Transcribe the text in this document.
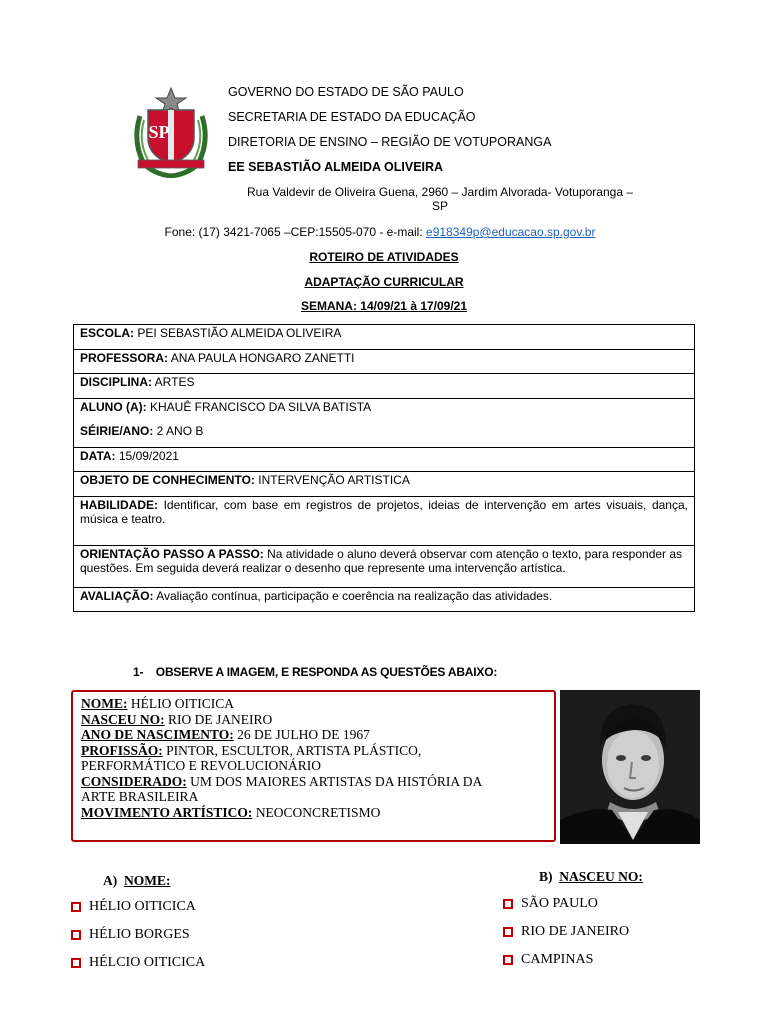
SP
GOVERNO DO ESTADO DE SÃO PAULO
SECRETARIA DE ESTADO DA EDUCAÇÃO
DIRETORIA DE ENSINO – REGIÃO DE VOTUPORANGA
EE SEBASTIÃO ALMEIDA OLIVEIRA
Rua Valdevir de Oliveira Guena, 2960 – Jardim Alvorada- Votuporanga –
SP
Fone: (17) 3421-7065 –CEP:15505-070 - e-mail: e918349p@educacao.sp.gov.br
ROTEIRO DE ATIVIDADES
ADAPTAÇÃO CURRICULAR
SEMANA: 14/09/21 à 17/09/21
ESCOLA: PEI SEBASTIÃO ALMEIDA OLIVEIRA
PROFESSORA: ANA PAULA HONGARO ZANETTI
DISCIPLINA: ARTES

ALUNO (A): KHAUÊ FRANCISCO DA SILVA BATISTA
SÉIRIE/ANO: 2 ANO B

DATA: 15/09/2021
OBJETO DE CONHECIMENTO: INTERVENÇÃO ARTISTICA
HABILIDADE: Identificar, com base em registros de projetos, ideias de intervenção em artes visuais, dança, música e teatro.
ORIENTAÇÃO PASSO A PASSO: Na atividade o aluno deverá observar com atenção o texto, para responder as questões. Em seguida deverá realizar o desenho que represente uma intervenção artística.
AVALIAÇÃO: Avaliação contínua, participação e coerência na realização das atividades.
1-    OBSERVE A IMAGEM, E RESPONDA AS QUESTÕES ABAIXO:
NOME: HÉLIO OITICICA
NASCEU NO: RIO DE JANEIRO
ANO DE NASCIMENTO: 26 DE JULHO DE 1967
PROFISSÃO: PINTOR, ESCULTOR, ARTISTA PLÁSTICO, PERFORMÁTICO E REVOLUCIONÁRIO
CONSIDERADO: UM DOS MAIORES ARTISTAS DA HISTÓRIA DA ARTE BRASILEIRA
MOVIMENTO ARTÍSTICO: NEOCONCRETISMO
A)  NOME:
HÉLIO OITICICA
HÉLIO BORGES
HÉLCIO OITICICA
B)  NASCEU NO:
SÃO PAULO
RIO DE JANEIRO
CAMPINAS
